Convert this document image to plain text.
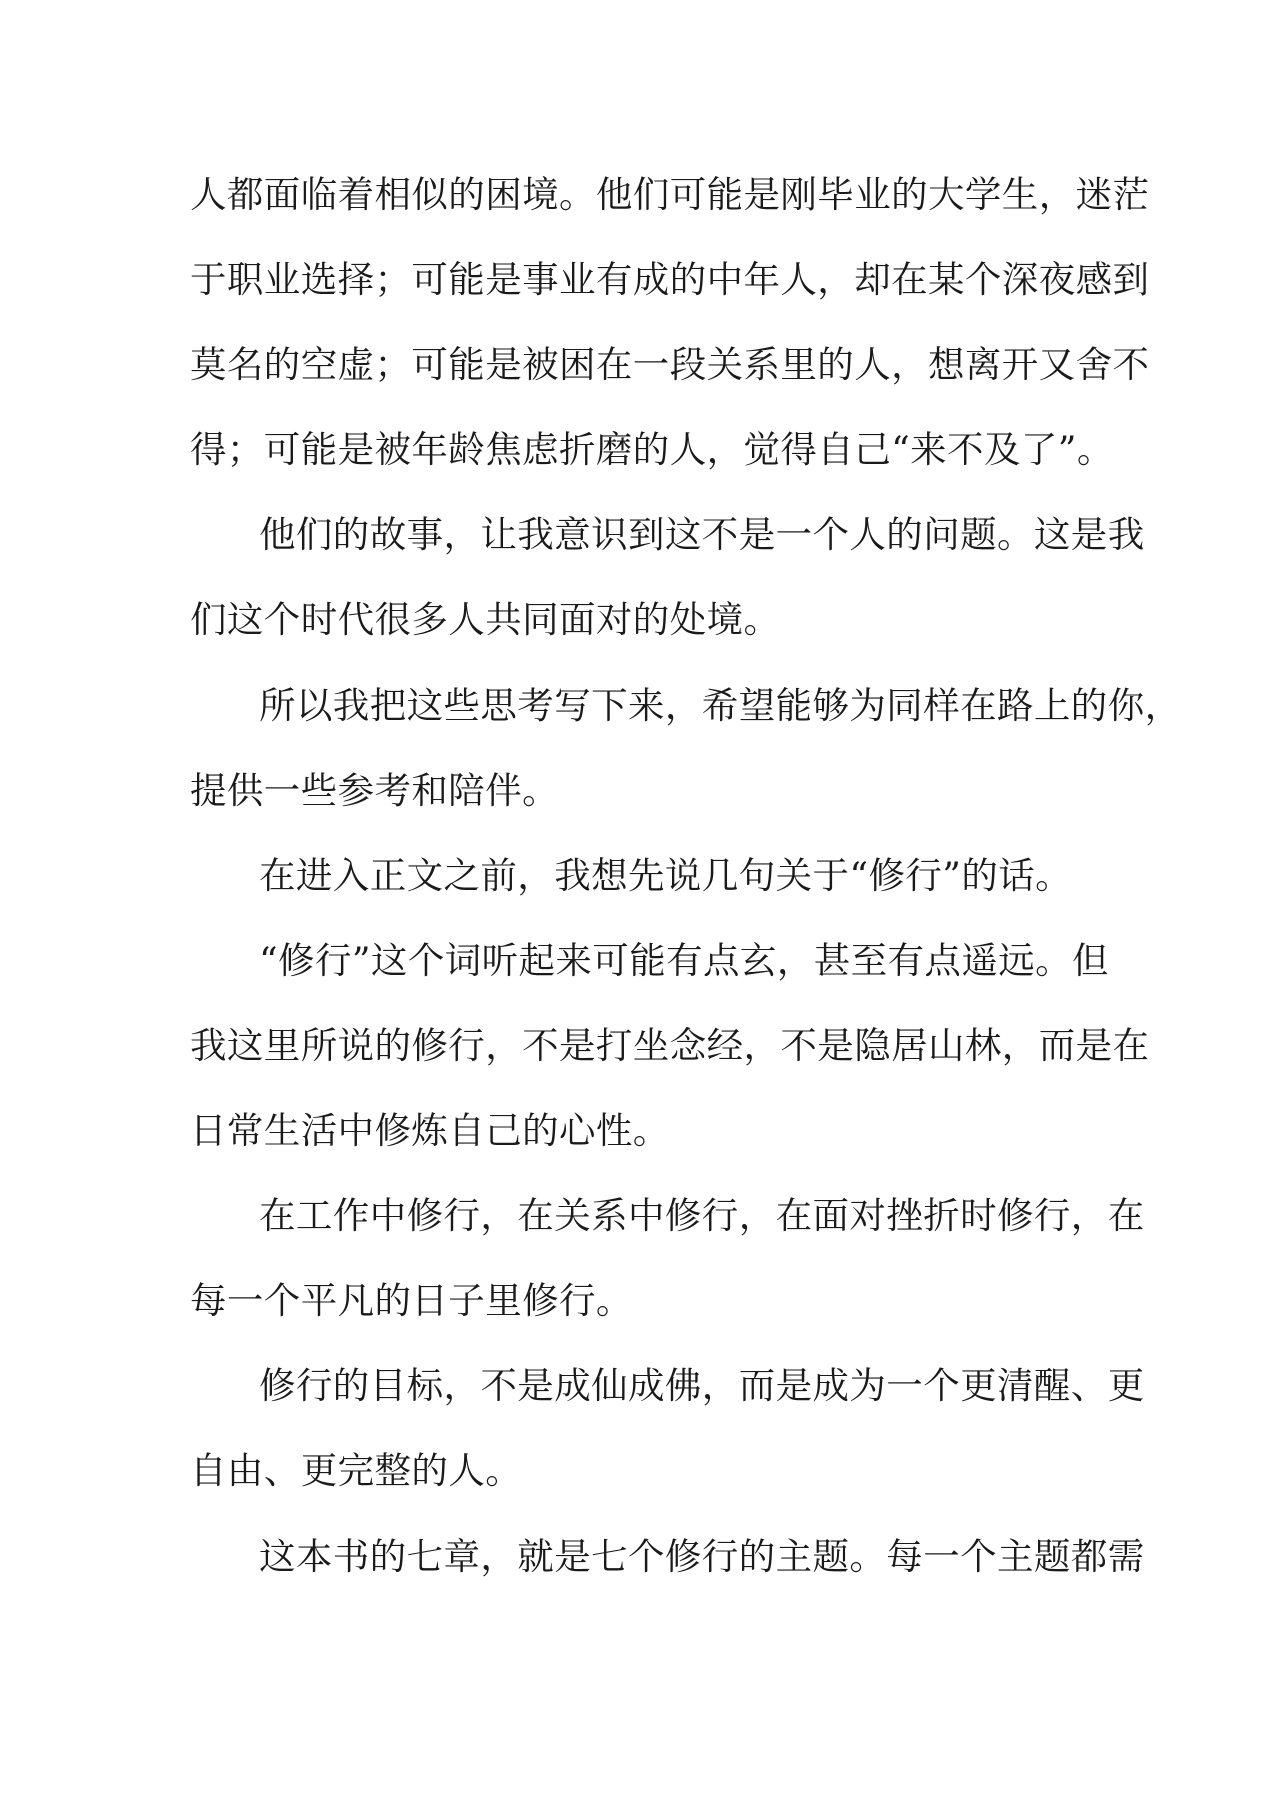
人都面临着相似的困境。他们可能是刚毕业的大学生，迷茫
于职业选择；可能是事业有成的中年人，却在某个深夜感到
莫名的空虚；可能是被困在一段关系里的人，想离开又舍不
得；可能是被年龄焦虑折磨的人，觉得自己“来不及了”。
他们的故事，让我意识到这不是一个人的问题。这是我
们这个时代很多人共同面对的处境。
所以我把这些思考写下来，希望能够为同样在路上的你，
提供一些参考和陪伴。
在进入正文之前，我想先说几句关于“修行”的话。
“修行”这个词听起来可能有点玄，甚至有点遥远。但
我这里所说的修行，不是打坐念经，不是隐居山林，而是在
日常生活中修炼自己的心性。
在工作中修行，在关系中修行，在面对挫折时修行，在
每一个平凡的日子里修行。
修行的目标，不是成仙成佛，而是成为一个更清醒、更
自由、更完整的人。
这本书的七章，就是七个修行的主题。每一个主题都需
